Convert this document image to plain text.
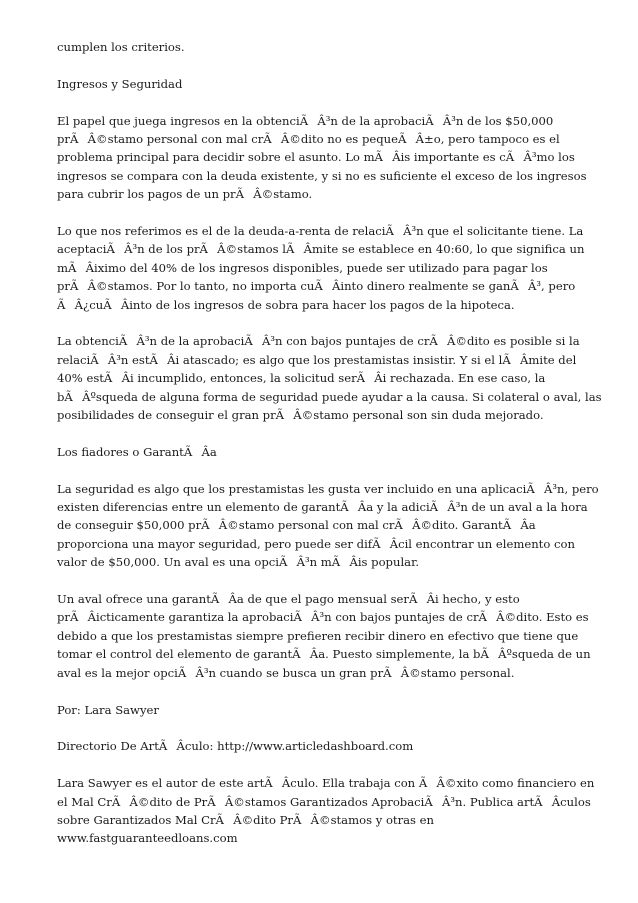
cumplen los criterios.

Ingresos y Seguridad

El papel que juega ingresos en la obtenciÃÂ³n de la aprobaciÃÂ³n de los $50,000 prÃÂ©stamo personal con mal crÃÂ©dito no es pequeÃÂ±o, pero tampoco es el problema principal para decidir sobre el asunto. Lo mÃÂis importante es cÃÂ³mo los ingresos se compara con la deuda existente, y si no es suficiente el exceso de los ingresos para cubrir los pagos de un prÃÂ©stamo.

Lo que nos referimos es el de la deuda-a-renta de relaciÃÂ³n que el solicitante tiene. La aceptaciÃÂ³n de los prÃÂ©stamos lÃÂmite se establece en 40:60, lo que significa un mÃÂiximo del 40% de los ingresos disponibles, puede ser utilizado para pagar los prÃÂ©stamos. Por lo tanto, no importa cuÃÂinto dinero realmente se ganÃÂ³, pero ÃÂ¿cuÃÂinto de los ingresos de sobra para hacer los pagos de la hipoteca.

La obtenciÃÂ³n de la aprobaciÃÂ³n con bajos puntajes de crÃÂ©dito es posible si la relaciÃÂ³n estÃÂi atascado; es algo que los prestamistas insistir. Y si el lÃÂmite del 40% estÃÂi incumplido, entonces, la solicitud serÃÂi rechazada. En ese caso, la bÃÂºsqueda de alguna forma de seguridad puede ayudar a la causa. Si colateral o aval, las posibilidades de conseguir el gran prÃÂ©stamo personal son sin duda mejorado.

Los fiadores o GarantÃÂa

La seguridad es algo que los prestamistas les gusta ver incluido en una aplicaciÃÂ³n, pero existen diferencias entre un elemento de garantÃÂa y la adiciÃÂ³n de un aval a la hora de conseguir $50,000 prÃÂ©stamo personal con mal crÃÂ©dito. GarantÃÂa proporciona una mayor seguridad, pero puede ser difÃÂcil encontrar un elemento con valor de $50,000. Un aval es una opciÃÂ³n mÃÂis popular.

Un aval ofrece una garantÃÂa de que el pago mensual serÃÂi hecho, y esto prÃÂicticamente garantiza la aprobaciÃÂ³n con bajos puntajes de crÃÂ©dito. Esto es debido a que los prestamistas siempre prefieren recibir dinero en efectivo que tiene que tomar el control del elemento de garantÃÂa. Puesto simplemente, la bÃÂºsqueda de un aval es la mejor opciÃÂ³n cuando se busca un gran prÃÂ©stamo personal.

Por: Lara Sawyer

Directorio De ArtÃÂculo: http://www.articledashboard.com

Lara Sawyer es el autor de este artÃÂculo. Ella trabaja con ÃÂ©xito como financiero en el Mal CrÃÂ©dito de PrÃÂ©stamos Garantizados AprobaciÃÂ³n. Publica artÃÂculos sobre Garantizados Mal CrÃÂ©dito PrÃÂ©stamos y otras en www.fastguaranteedloans.com
